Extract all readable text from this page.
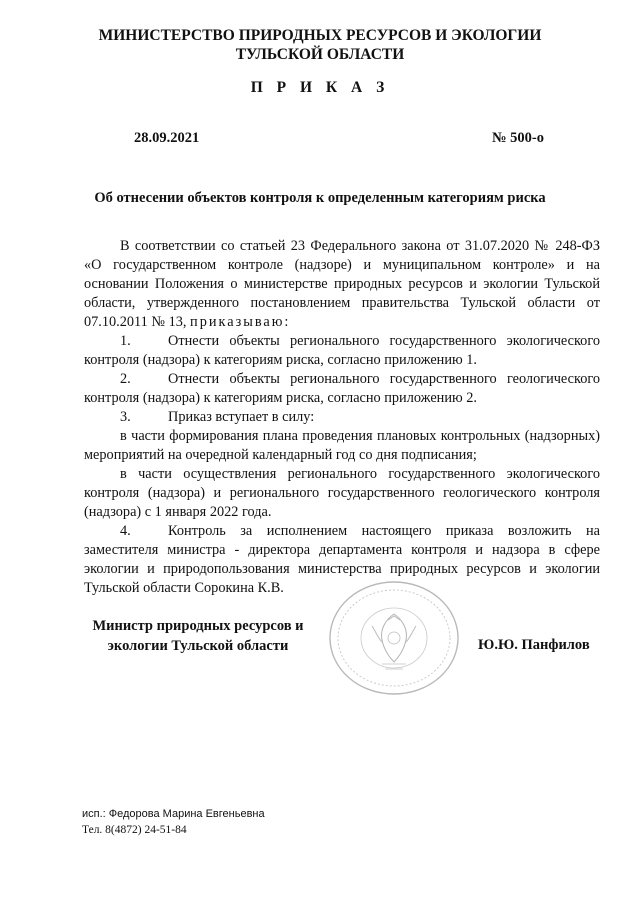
МИНИСТЕРСТВО ПРИРОДНЫХ РЕСУРСОВ И ЭКОЛОГИИ
ТУЛЬСКОЙ ОБЛАСТИ
П Р И К А З
28.09.2021	№ 500-о
Об отнесении объектов контроля к определенным категориям риска

В соответствии со статьей 23 Федерального закона от 31.07.2020 № 248-ФЗ «О государственном контроле (надзоре) и муниципальном контроле» и на основании Положения о министерстве природных ресурсов и экологии Тульской области, утвержденного постановлением правительства Тульской области от 07.10.2011 № 13, приказываю:

1.	Отнести объекты регионального государственного экологического контроля (надзора) к категориям риска, согласно приложению 1.

2.	Отнести объекты регионального государственного геологического контроля (надзора) к категориям риска, согласно приложению 2.

3.	Приказ вступает в силу:

в части формирования плана проведения плановых контрольных (надзорных) мероприятий на очередной календарный год со дня подписания;

в части осуществления регионального государственного экологического контроля (надзора) и регионального государственного геологического контроля (надзора) с 1 января 2022 года.

4.	Контроль за исполнением настоящего приказа возложить на заместителя министра - директора департамента контроля и надзора в сфере экологии и природопользования министерства природных ресурсов и экологии Тульской области Сорокина К.В.

Министр природных ресурсов и
экологии Тульской области	Ю.Ю. Панфилов
исп.: Федорова Марина Евгеньевна
Тел. 8(4872) 24-51-84
